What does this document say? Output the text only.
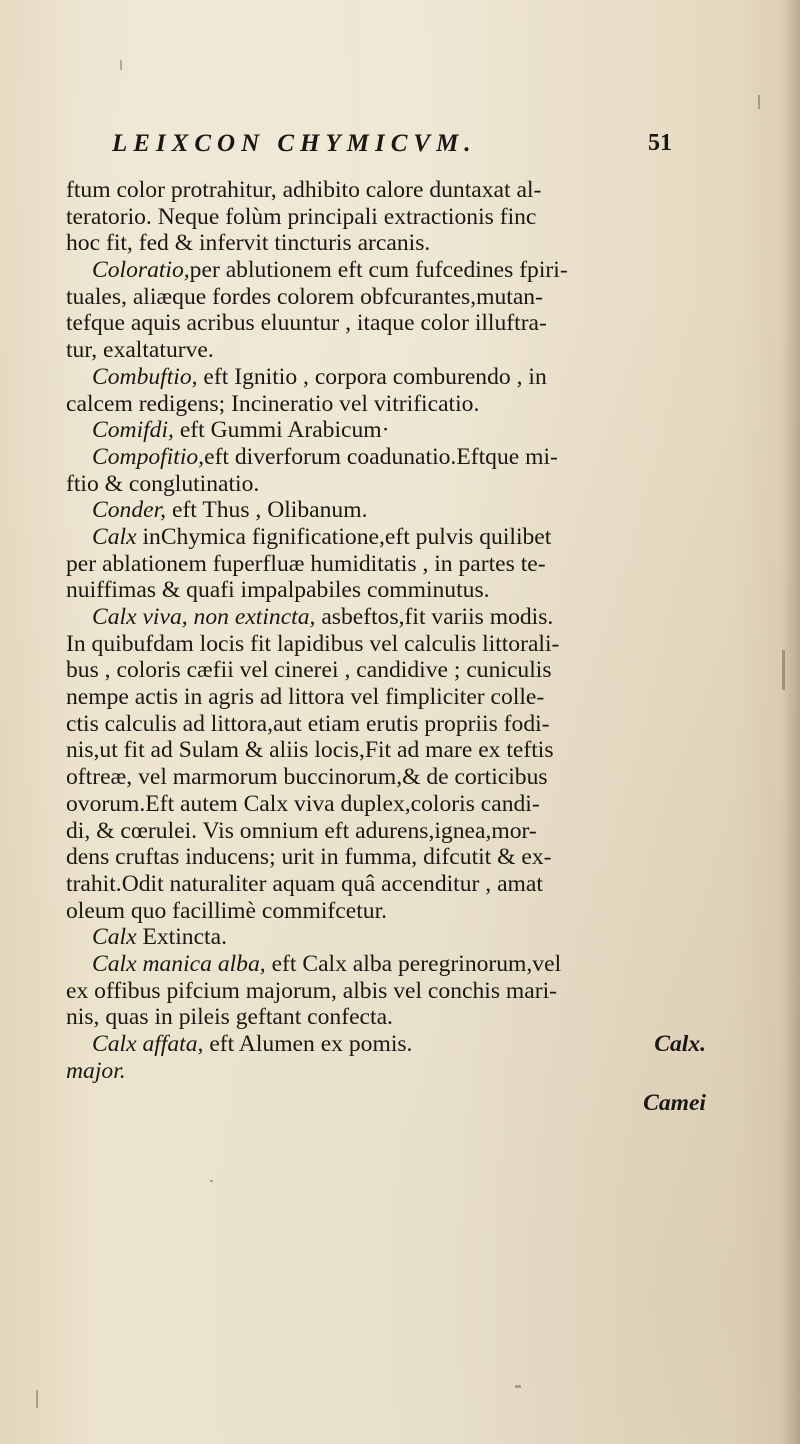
LEIXCON CHYMICVM.	51
ftum color protrahitur, adhibito calore duntaxat al-
teratorio. Neque folùm principali extractionis finc
hoc fit, fed & infervit tincturis arcanis.
Coloratio,per ablutionem eft cum fufcedines fpiri-
tuales, aliæque fordes colorem obfcurantes,mutan-
tefque aquis acribus eluuntur , itaque color illuftra-
tur, exaltaturve.
Combuftio, eft Ignitio , corpora comburendo , in
calcem redigens; Incineratio vel vitrificatio.
Comifdi, eft Gummi Arabicum·
Compofitio,eft diverforum coadunatio.Eftque mi-
ftio & conglutinatio.
Conder, eft Thus , Olibanum.
Calx inChymica fignificatione,eft pulvis quilibet
per ablationem fuperfluæ humiditatis , in partes te-
nuiffimas & quafi impalpabiles comminutus.
Calx viva, non extincta, asbeftos,fit variis modis.
In quibufdam locis fit lapidibus vel calculis littorali-
bus , coloris cæfii vel cinerei , candidive ; cuniculis
nempe actis in agris ad littora vel fimpliciter colle-
ctis calculis ad littora,aut etiam erutis propriis fodi-
nis,ut fit ad Sulam & aliis locis,Fit ad mare ex teftis
oftreæ, vel marmorum buccinorum,& de corticibus
ovorum.Eft autem Calx viva duplex,coloris candi-
di, & cœrulei. Vis omnium eft adurens,ignea,mor-
dens cruftas inducens; urit in fumma, difcutit & ex-
trahit.Odit naturaliter aquam quâ accenditur , amat
oleum quo facillimè commifcetur.
Calx Extincta.
Calx manica alba, eft Calx alba peregrinorum,vel
ex offibus pifcium majorum, albis vel conchis mari-
nis, quas in pileis geftant confecta.
Calx affata, eft Alumen ex pomis.	Calx.
major.
Camei
